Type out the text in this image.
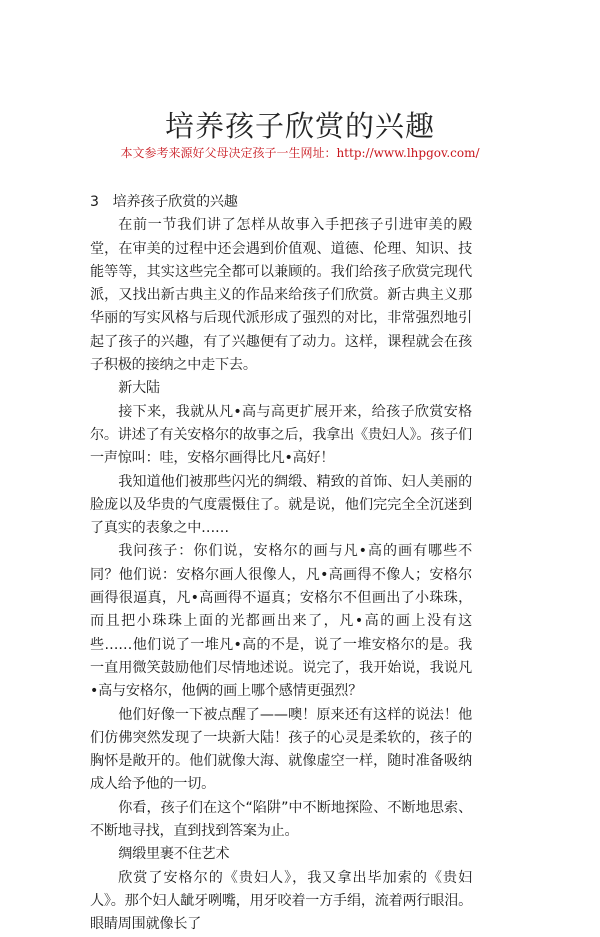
培养孩子欣赏的兴趣
本文参考来源好父母决定孩子一生网址：http://www.lhpgov.com/

3　培养孩子欣赏的兴趣

在前一节我们讲了怎样从故事入手把孩子引进审美的殿堂，在审美的过程中还会遇到价值观、道德、伦理、知识、技能等等，其实这些完全都可以兼顾的。我们给孩子欣赏完现代派，又找出新古典主义的作品来给孩子们欣赏。新古典主义那华丽的写实风格与后现代派形成了强烈的对比，非常强烈地引起了孩子的兴趣，有了兴趣便有了动力。这样，课程就会在孩子积极的接纳之中走下去。

新大陆

接下来，我就从凡•高与高更扩展开来，给孩子欣赏安格尔。讲述了有关安格尔的故事之后，我拿出《贵妇人》。孩子们一声惊叫：哇，安格尔画得比凡•高好！

我知道他们被那些闪光的绸缎、精致的首饰、妇人美丽的脸庞以及华贵的气度震慑住了。就是说，他们完完全全沉迷到了真实的表象之中……

我问孩子：你们说，安格尔的画与凡•高的画有哪些不同？他们说：安格尔画人很像人，凡•高画得不像人；安格尔画得很逼真，凡•高画得不逼真；安格尔不但画出了小珠珠，而且把小珠珠上面的光都画出来了，凡•高的画上没有这些……他们说了一堆凡•高的不是，说了一堆安格尔的是。我一直用微笑鼓励他们尽情地述说。说完了，我开始说，我说凡•高与安格尔，他俩的画上哪个感情更强烈？

他们好像一下被点醒了——噢！原来还有这样的说法！他们仿佛突然发现了一块新大陆！孩子的心灵是柔软的，孩子的胸怀是敞开的。他们就像大海、就像虚空一样，随时准备吸纳成人给予他的一切。

你看，孩子们在这个“陷阱”中不断地探险、不断地思索、不断地寻找，直到找到答案为止。

绸缎里裹不住艺术

欣赏了安格尔的《贵妇人》，我又拿出毕加索的《贵妇人》。那个妇人龇牙咧嘴，用牙咬着一方手绢，流着两行眼泪。眼睛周围就像长了
